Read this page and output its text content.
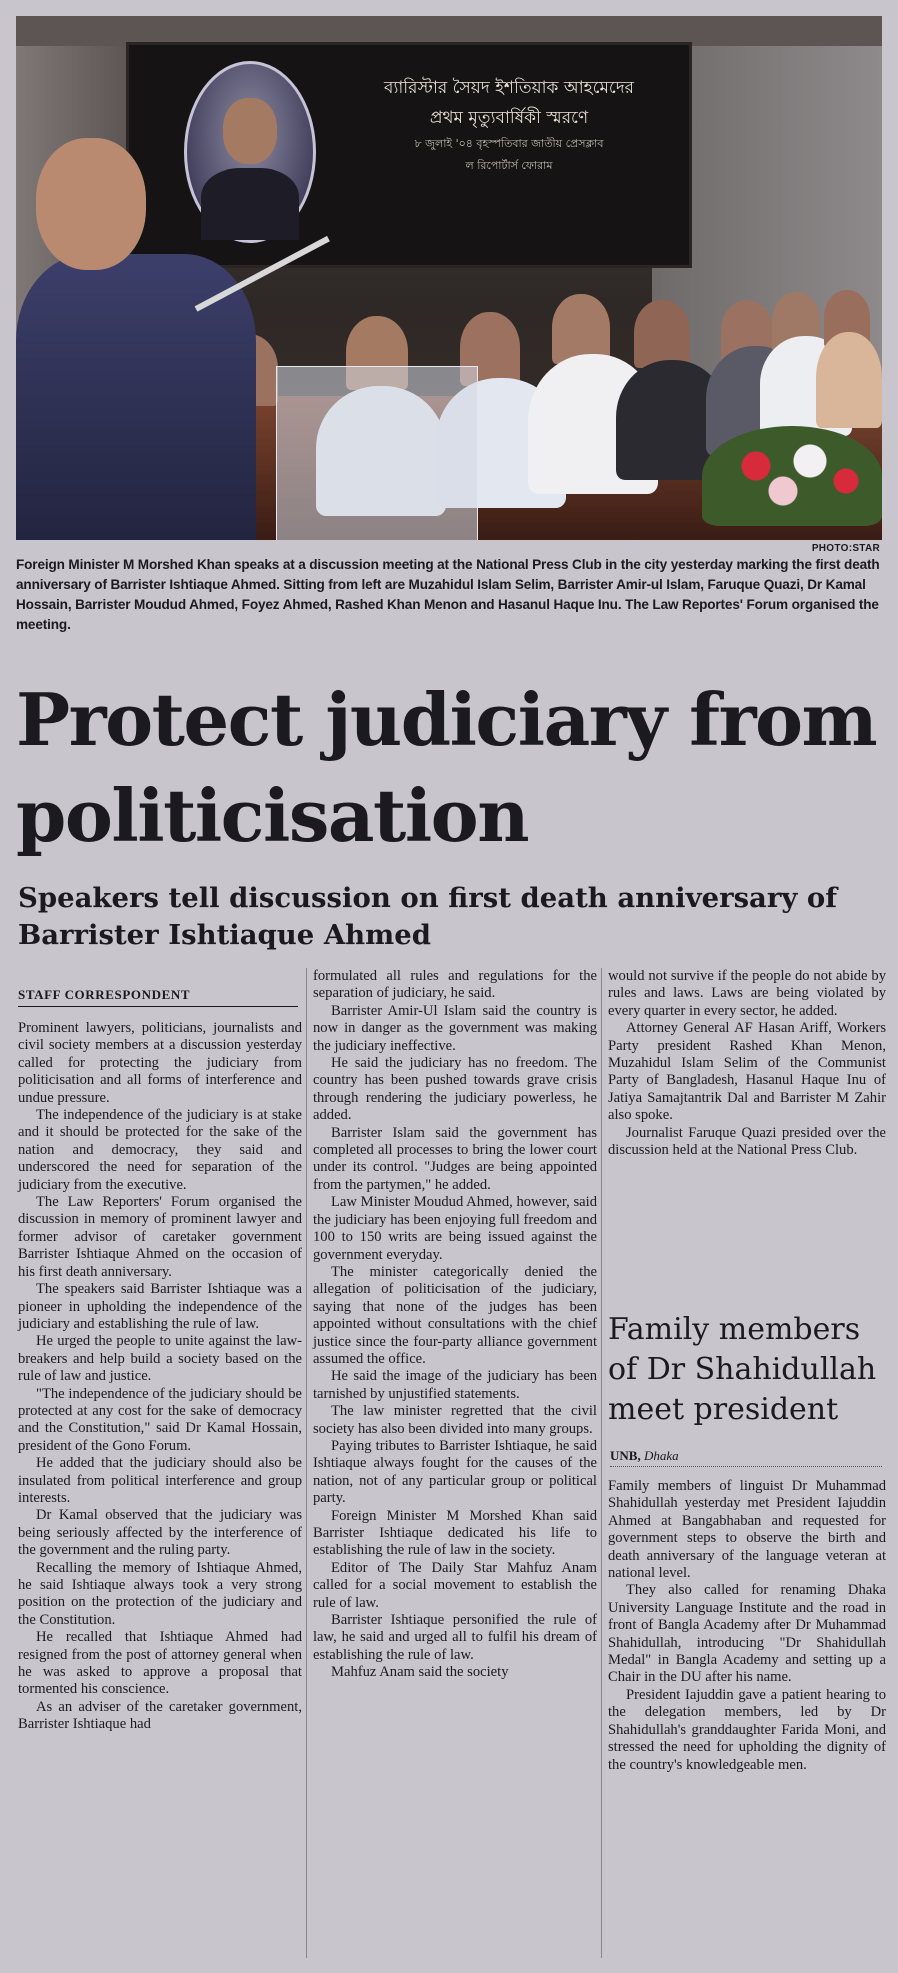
ব্যারিস্টার সৈয়দ ইশতিয়াক আহমেদের
প্রথম মৃত্যুবার্ষিকী স্মরণে
৮ জুলাই '০৪ বৃহস্পতিবার জাতীয় প্রেসক্লাব
ল রিপোর্টার্স ফোরাম
PHOTO:STAR
Foreign Minister M Morshed Khan speaks at a discussion meeting at the National Press Club in the city yesterday marking the first death anniversary of Barrister Ishtiaque Ahmed. Sitting from left are Muzahidul Islam Selim, Barrister Amir-ul Islam, Faruque Quazi, Dr Kamal Hossain, Barrister Moudud Ahmed, Foyez Ahmed, Rashed Khan Menon and Hasanul Haque Inu. The Law Reportes' Forum organised the meeting.
Protect judiciary from politicisation
Speakers tell discussion on first death anniversary of Barrister Ishtiaque Ahmed
STAFF CORRESPONDENT

Prominent lawyers, politicians, journalists and civil society members at a discussion yesterday called for protecting the judiciary from politicisation and all forms of interference and undue pressure.

The independence of the judiciary is at stake and it should be protected for the sake of the nation and democracy, they said and underscored the need for separation of the judiciary from the executive.

The Law Reporters' Forum organised the discussion in memory of prominent lawyer and former advisor of caretaker government Barrister Ishtiaque Ahmed on the occasion of his first death anniversary.

The speakers said Barrister Ishtiaque was a pioneer in upholding the independence of the judiciary and establishing the rule of law.

He urged the people to unite against the law-breakers and help build a society based on the rule of law and justice.

"The independence of the judiciary should be protected at any cost for the sake of democracy and the Constitution," said Dr Kamal Hossain, president of the Gono Forum.

He added that the judiciary should also be insulated from political interference and group interests.

Dr Kamal observed that the judiciary was being seriously affected by the interference of the government and the ruling party.

Recalling the memory of Ishtiaque Ahmed, he said Ishtiaque always took a very strong position on the protection of the judiciary and the Constitution.

He recalled that Ishtiaque Ahmed had resigned from the post of attorney general when he was asked to approve a proposal that tormented his conscience.

As an adviser of the caretaker government, Barrister Ishtiaque had

formulated all rules and regulations for the separation of judiciary, he said.

Barrister Amir-Ul Islam said the country is now in danger as the government was making the judiciary ineffective.

He said the judiciary has no freedom. The country has been pushed towards grave crisis through rendering the judiciary powerless, he added.

Barrister Islam said the government has completed all processes to bring the lower court under its control. "Judges are being appointed from the partymen," he added.

Law Minister Moudud Ahmed, however, said the judiciary has been enjoying full freedom and 100 to 150 writs are being issued against the government everyday.

The minister categorically denied the allegation of politicisation of the judiciary, saying that none of the judges has been appointed without consultations with the chief justice since the four-party alliance government assumed the office.

He said the image of the judiciary has been tarnished by unjustified statements.

The law minister regretted that the civil society has also been divided into many groups.

Paying tributes to Barrister Ishtiaque, he said Ishtiaque always fought for the causes of the nation, not of any particular group or political party.

Foreign Minister M Morshed Khan said Barrister Ishtiaque dedicated his life to establishing the rule of law in the society.

Editor of The Daily Star Mahfuz Anam called for a social movement to establish the rule of law.

Barrister Ishtiaque personified the rule of law, he said and urged all to fulfil his dream of establishing the rule of law.

Mahfuz Anam said the society

would not survive if the people do not abide by rules and laws. Laws are being violated by every quarter in every sector, he added.

Attorney General AF Hasan Ariff, Workers Party president Rashed Khan Menon, Muzahidul Islam Selim of the Communist Party of Bangladesh, Hasanul Haque Inu of Jatiya Samajtantrik Dal and Barrister M Zahir also spoke.

Journalist Faruque Quazi presided over the discussion held at the National Press Club.

Family members of Dr Shahidullah meet president
UNB, Dhaka

Family members of linguist Dr Muhammad Shahidullah yesterday met President Iajuddin Ahmed at Bangabhaban and requested for government steps to observe the birth and death anniversary of the language veteran at national level.

They also called for renaming Dhaka University Language Institute and the road in front of Bangla Academy after Dr Muhammad Shahidullah, introducing "Dr Shahidullah Medal" in Bangla Academy and setting up a Chair in the DU after his name.

President Iajuddin gave a patient hearing to the delegation members, led by Dr Shahidullah's granddaughter Farida Moni, and stressed the need for upholding the dignity of the country's knowledgeable men.
